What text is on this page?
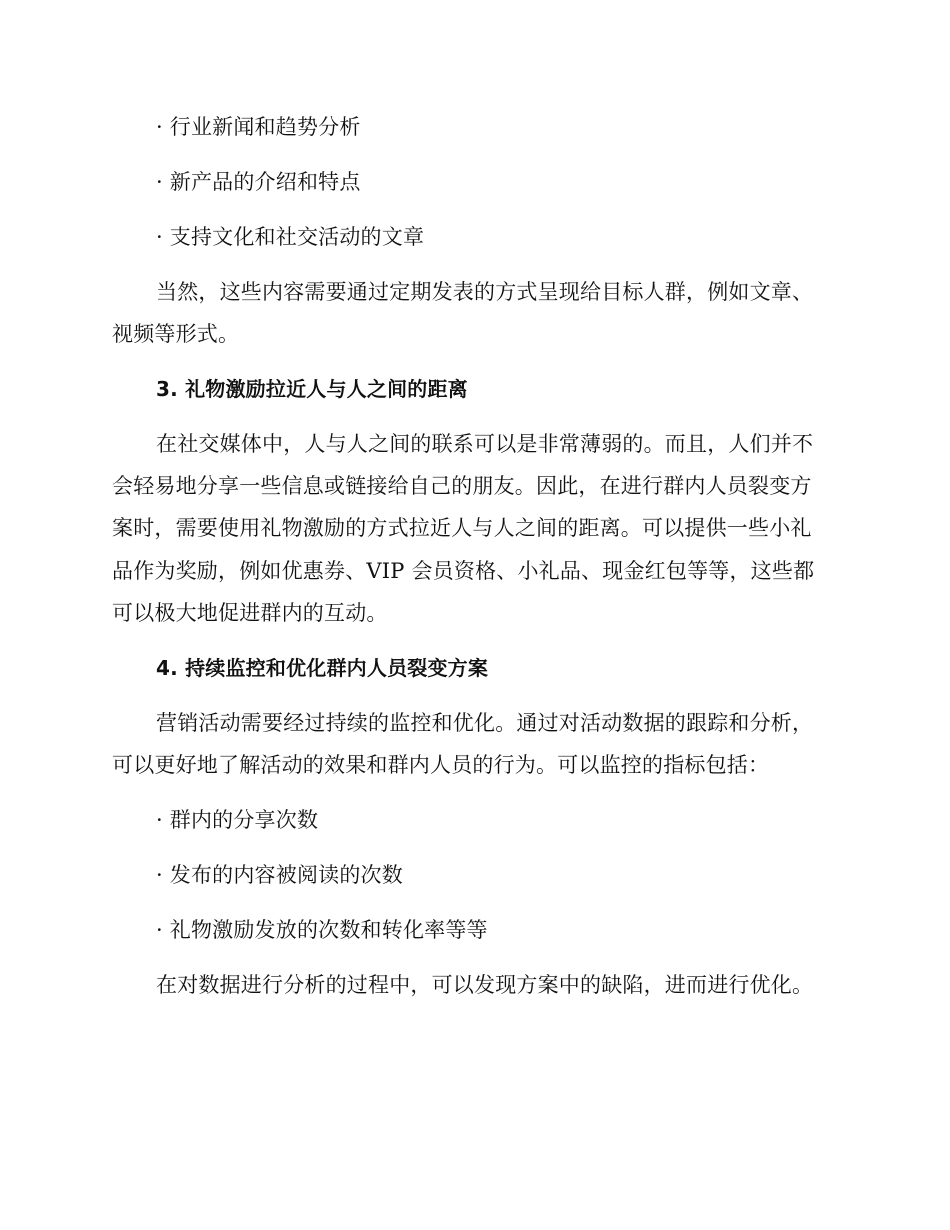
· 行业新闻和趋势分析

· 新产品的介绍和特点

· 支持文化和社交活动的文章

当然，这些内容需要通过定期发表的方式呈现给目标人群，例如文章、

视频等形式。

3. 礼物激励拉近人与人之间的距离

在社交媒体中，人与人之间的联系可以是非常薄弱的。而且，人们并不

会轻易地分享一些信息或链接给自己的朋友。因此，在进行群内人员裂变方

案时，需要使用礼物激励的方式拉近人与人之间的距离。可以提供一些小礼

品作为奖励，例如优惠券、VIP 会员资格、小礼品、现金红包等等，这些都

可以极大地促进群内的互动。

4. 持续监控和优化群内人员裂变方案

营销活动需要经过持续的监控和优化。通过对活动数据的跟踪和分析，

可以更好地了解活动的效果和群内人员的行为。可以监控的指标包括：

· 群内的分享次数

· 发布的内容被阅读的次数

· 礼物激励发放的次数和转化率等等

在对数据进行分析的过程中，可以发现方案中的缺陷，进而进行优化。
